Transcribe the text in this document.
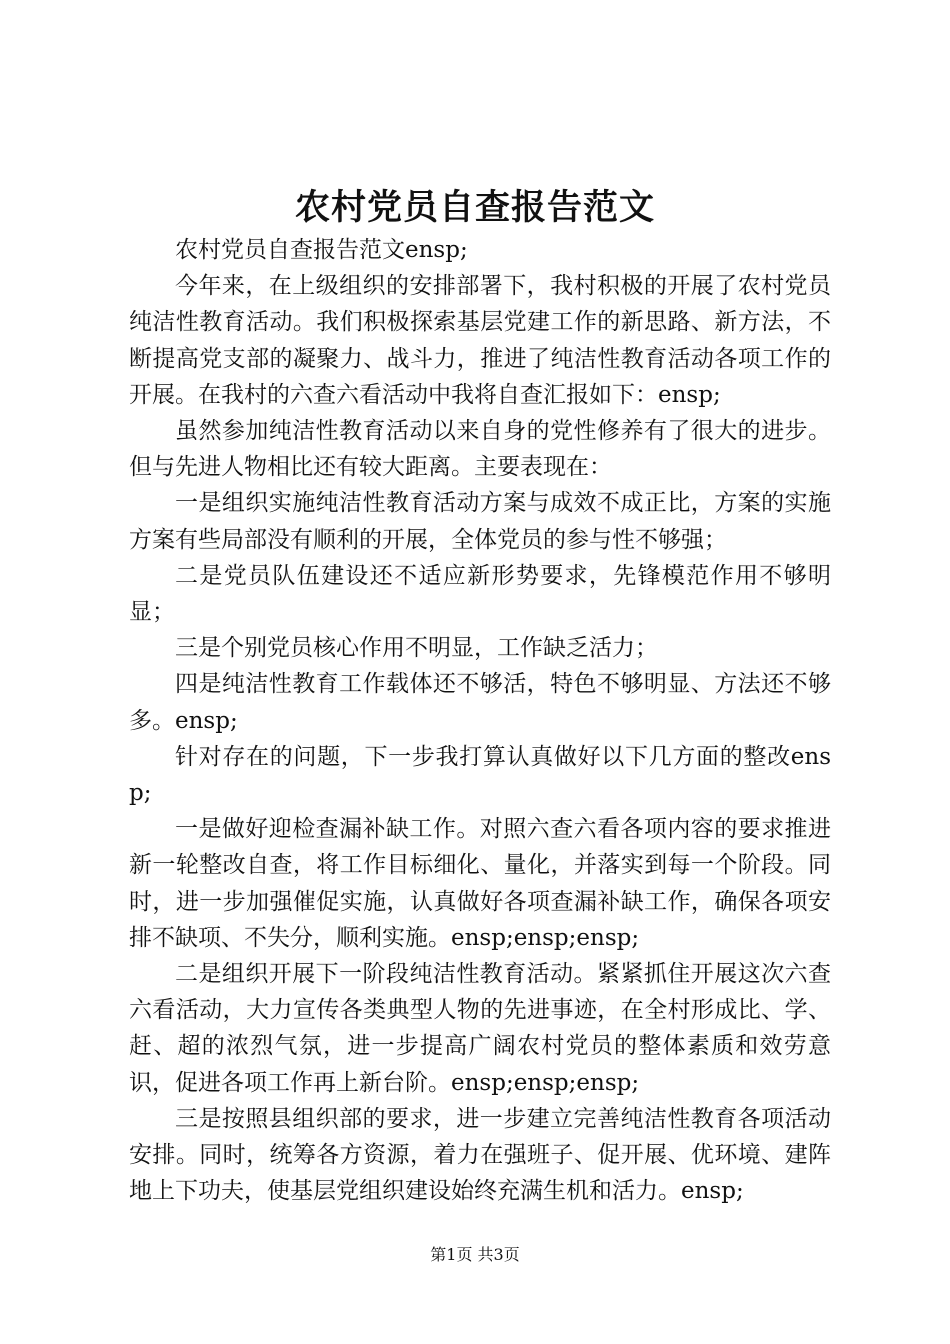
农村党员自查报告范文

农村党员自查报告范文ensp;

今年来，在上级组织的安排部署下，我村积极的开展了农村党员纯洁性教育活动。我们积极探索基层党建工作的新思路、新方法，不断提高党支部的凝聚力、战斗力，推进了纯洁性教育活动各项工作的开展。在我村的六查六看活动中我将自查汇报如下：ensp;

虽然参加纯洁性教育活动以来自身的党性修养有了很大的进步。但与先进人物相比还有较大距离。主要表现在：

一是组织实施纯洁性教育活动方案与成效不成正比，方案的实施方案有些局部没有顺利的开展，全体党员的参与性不够强；

二是党员队伍建设还不适应新形势要求，先锋模范作用不够明显；

三是个别党员核心作用不明显，工作缺乏活力；

四是纯洁性教育工作载体还不够活，特色不够明显、方法还不够多。ensp;

针对存在的问题，下一步我打算认真做好以下几方面的整改ensp;

一是做好迎检查漏补缺工作。对照六查六看各项内容的要求推进新一轮整改自查，将工作目标细化、量化，并落实到每一个阶段。同时，进一步加强催促实施，认真做好各项查漏补缺工作，确保各项安排不缺项、不失分，顺利实施。ensp;ensp;ensp;

二是组织开展下一阶段纯洁性教育活动。紧紧抓住开展这次六查六看活动，大力宣传各类典型人物的先进事迹，在全村形成比、学、赶、超的浓烈气氛，进一步提高广阔农村党员的整体素质和效劳意识，促进各项工作再上新台阶。ensp;ensp;ensp;

三是按照县组织部的要求，进一步建立完善纯洁性教育各项活动安排。同时，统筹各方资源，着力在强班子、促开展、优环境、建阵地上下功夫，使基层党组织建设始终充满生机和活力。ensp;

第1页 共3页
